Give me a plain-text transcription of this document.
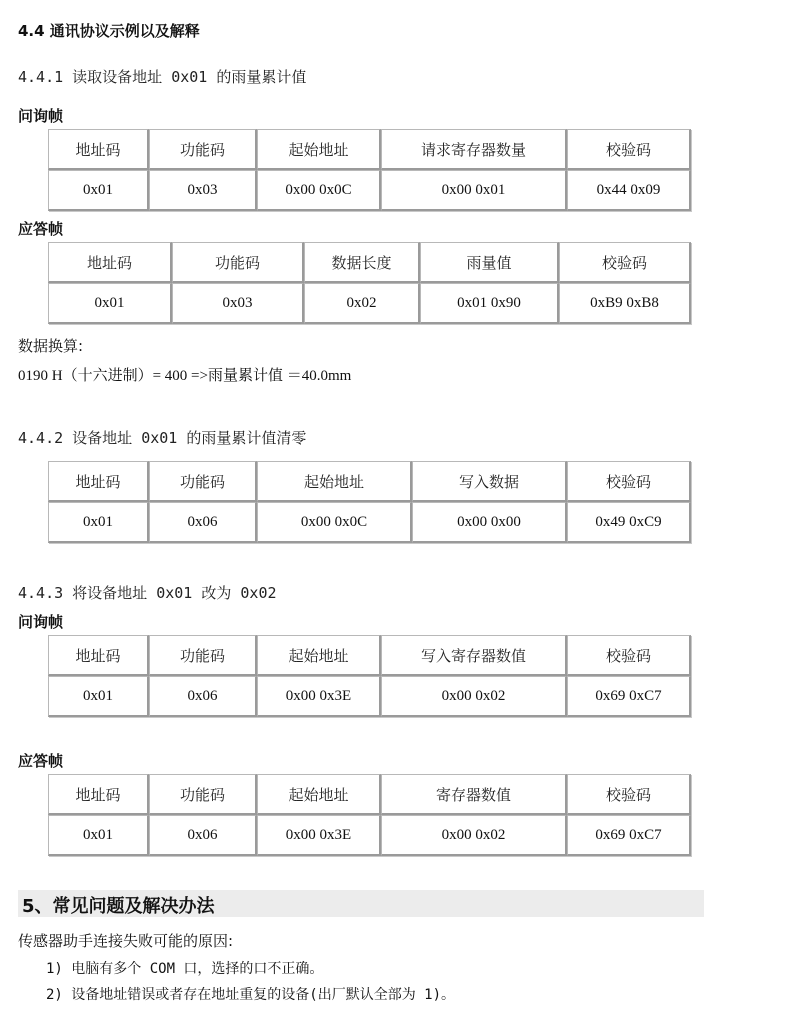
4.4 通讯协议示例以及解释
4.4.1 读取设备地址 0x01 的雨量累计值
问询帧
地址码	功能码	起始地址	请求寄存器数量	校验码
0x01	0x03	0x00 0x0C	0x00 0x01	0x44 0x09
应答帧
地址码	功能码	数据长度	雨量值	校验码
0x01	0x03	0x02	0x01 0x90	0xB9 0xB8
数据换算:
0190 H（十六进制）= 400 =>雨量累计值 ＝40.0mm
4.4.2 设备地址 0x01 的雨量累计值清零
地址码	功能码	起始地址	写入数据	校验码
0x01	0x06	0x00 0x0C	0x00 0x00	0x49 0xC9
4.4.3 将设备地址 0x01 改为 0x02
问询帧
地址码	功能码	起始地址	写入寄存器数值	校验码
0x01	0x06	0x00 0x3E	0x00 0x02	0x69 0xC7
应答帧
地址码	功能码	起始地址	寄存器数值	校验码
0x01	0x06	0x00 0x3E	0x00 0x02	0x69 0xC7
5、常见问题及解决办法
传感器助手连接失败可能的原因:
1) 电脑有多个 COM 口，选择的口不正确。
2) 设备地址错误或者存在地址重复的设备(出厂默认全部为 1)。
